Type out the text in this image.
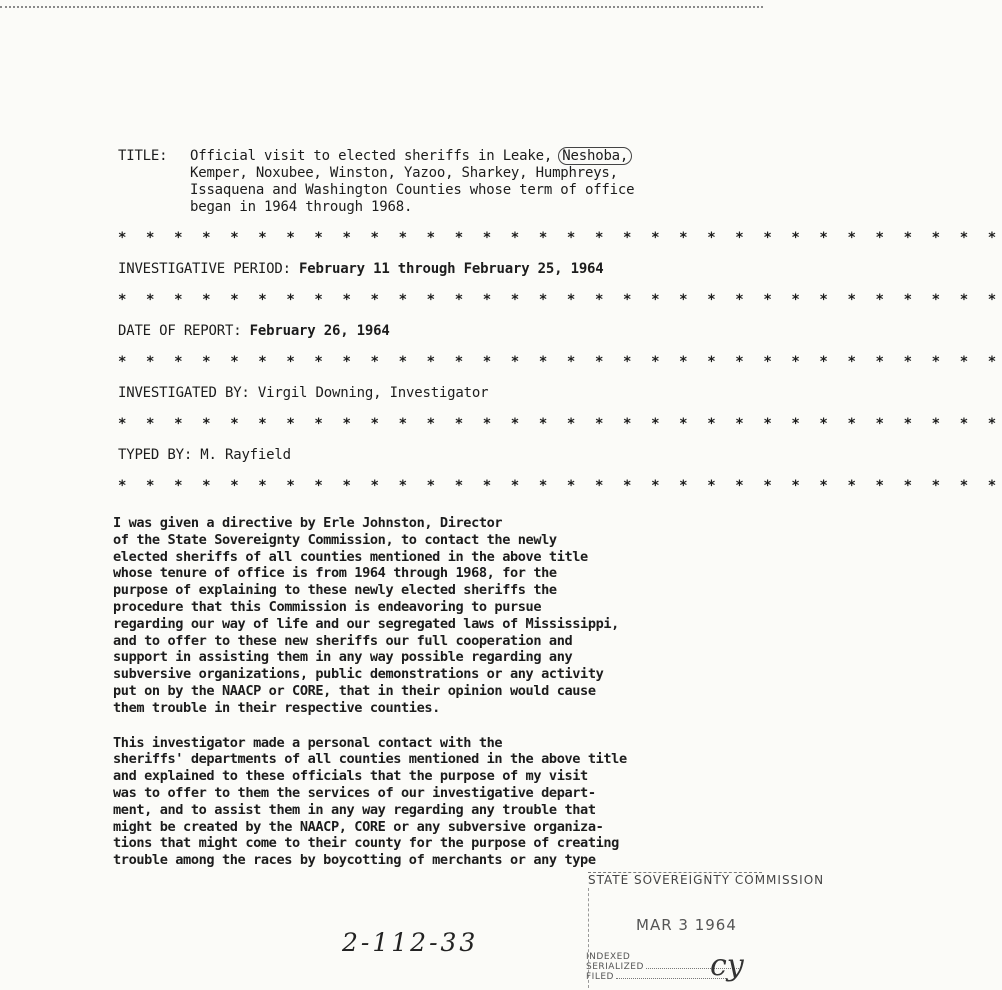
TITLE:	Official visit to elected sheriffs in Leake, Neshoba,
Kemper, Noxubee, Winston, Yazoo, Sharkey, Humphreys,
Issaquena and Washington Counties whose term of office
began in 1964 through 1968.
* * * * * * * * * * * * * * * * * * * * * * * * * * * * * * * *
INVESTIGATIVE PERIOD: February 11 through February 25, 1964
* * * * * * * * * * * * * * * * * * * * * * * * * * * * * * * *
DATE OF REPORT: February 26, 1964
* * * * * * * * * * * * * * * * * * * * * * * * * * * * * * * *
INVESTIGATED BY: Virgil Downing, Investigator
* * * * * * * * * * * * * * * * * * * * * * * * * * * * * * * *
TYPED BY: M. Rayfield
* * * * * * * * * * * * * * * * * * * * * * * * * * * * * * * *
I was given a directive by Erle Johnston, Director
of the State Sovereignty Commission, to contact the newly
elected sheriffs of all counties mentioned in the above title
whose tenure of office is from 1964 through 1968, for the
purpose of explaining to these newly elected sheriffs the
procedure that this Commission is endeavoring to pursue
regarding our way of life and our segregated laws of Mississippi,
and to offer to these new sheriffs our full cooperation and
support in assisting them in any way possible regarding any
subversive organizations, public demonstrations or any activity
put on by the NAACP or CORE, that in their opinion would cause
them trouble in their respective counties.
This investigator made a personal contact with the
sheriffs' departments of all counties mentioned in the above title
and explained to these officials that the purpose of my visit
was to offer to them the services of our investigative depart-
ment, and to assist them in any way regarding any trouble that
might be created by the NAACP, CORE or any subversive organiza-
tions that might come to their county for the purpose of creating
trouble among the races by boycotting of merchants or any type
2-112-33
STATE SOVEREIGNTY COMMISSION
MAR 3 1964
INDEXED
SERIALIZED
FILED	cy
